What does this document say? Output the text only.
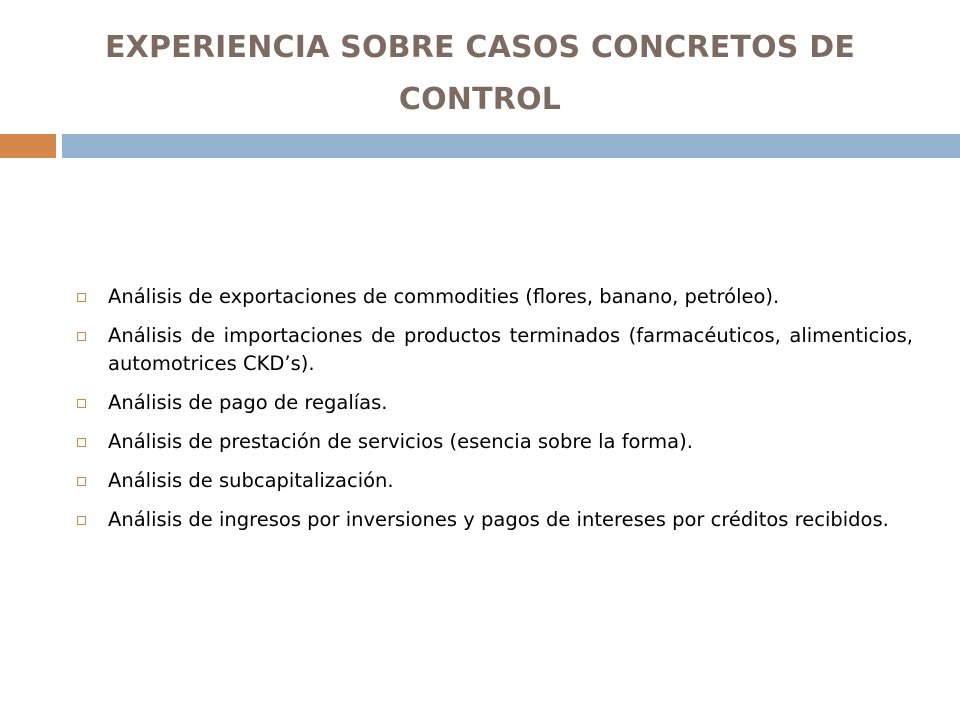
EXPERIENCIA SOBRE CASOS CONCRETOS DE CONTROL
Análisis de exportaciones de commodities (flores, banano, petróleo).
Análisis de importaciones de productos terminados (farmacéuticos, alimenticios, automotrices CKD’s).
Análisis de pago de regalías.
Análisis de prestación de servicios (esencia sobre la forma).
Análisis de subcapitalización.
Análisis de ingresos por inversiones y pagos de intereses por créditos recibidos.
